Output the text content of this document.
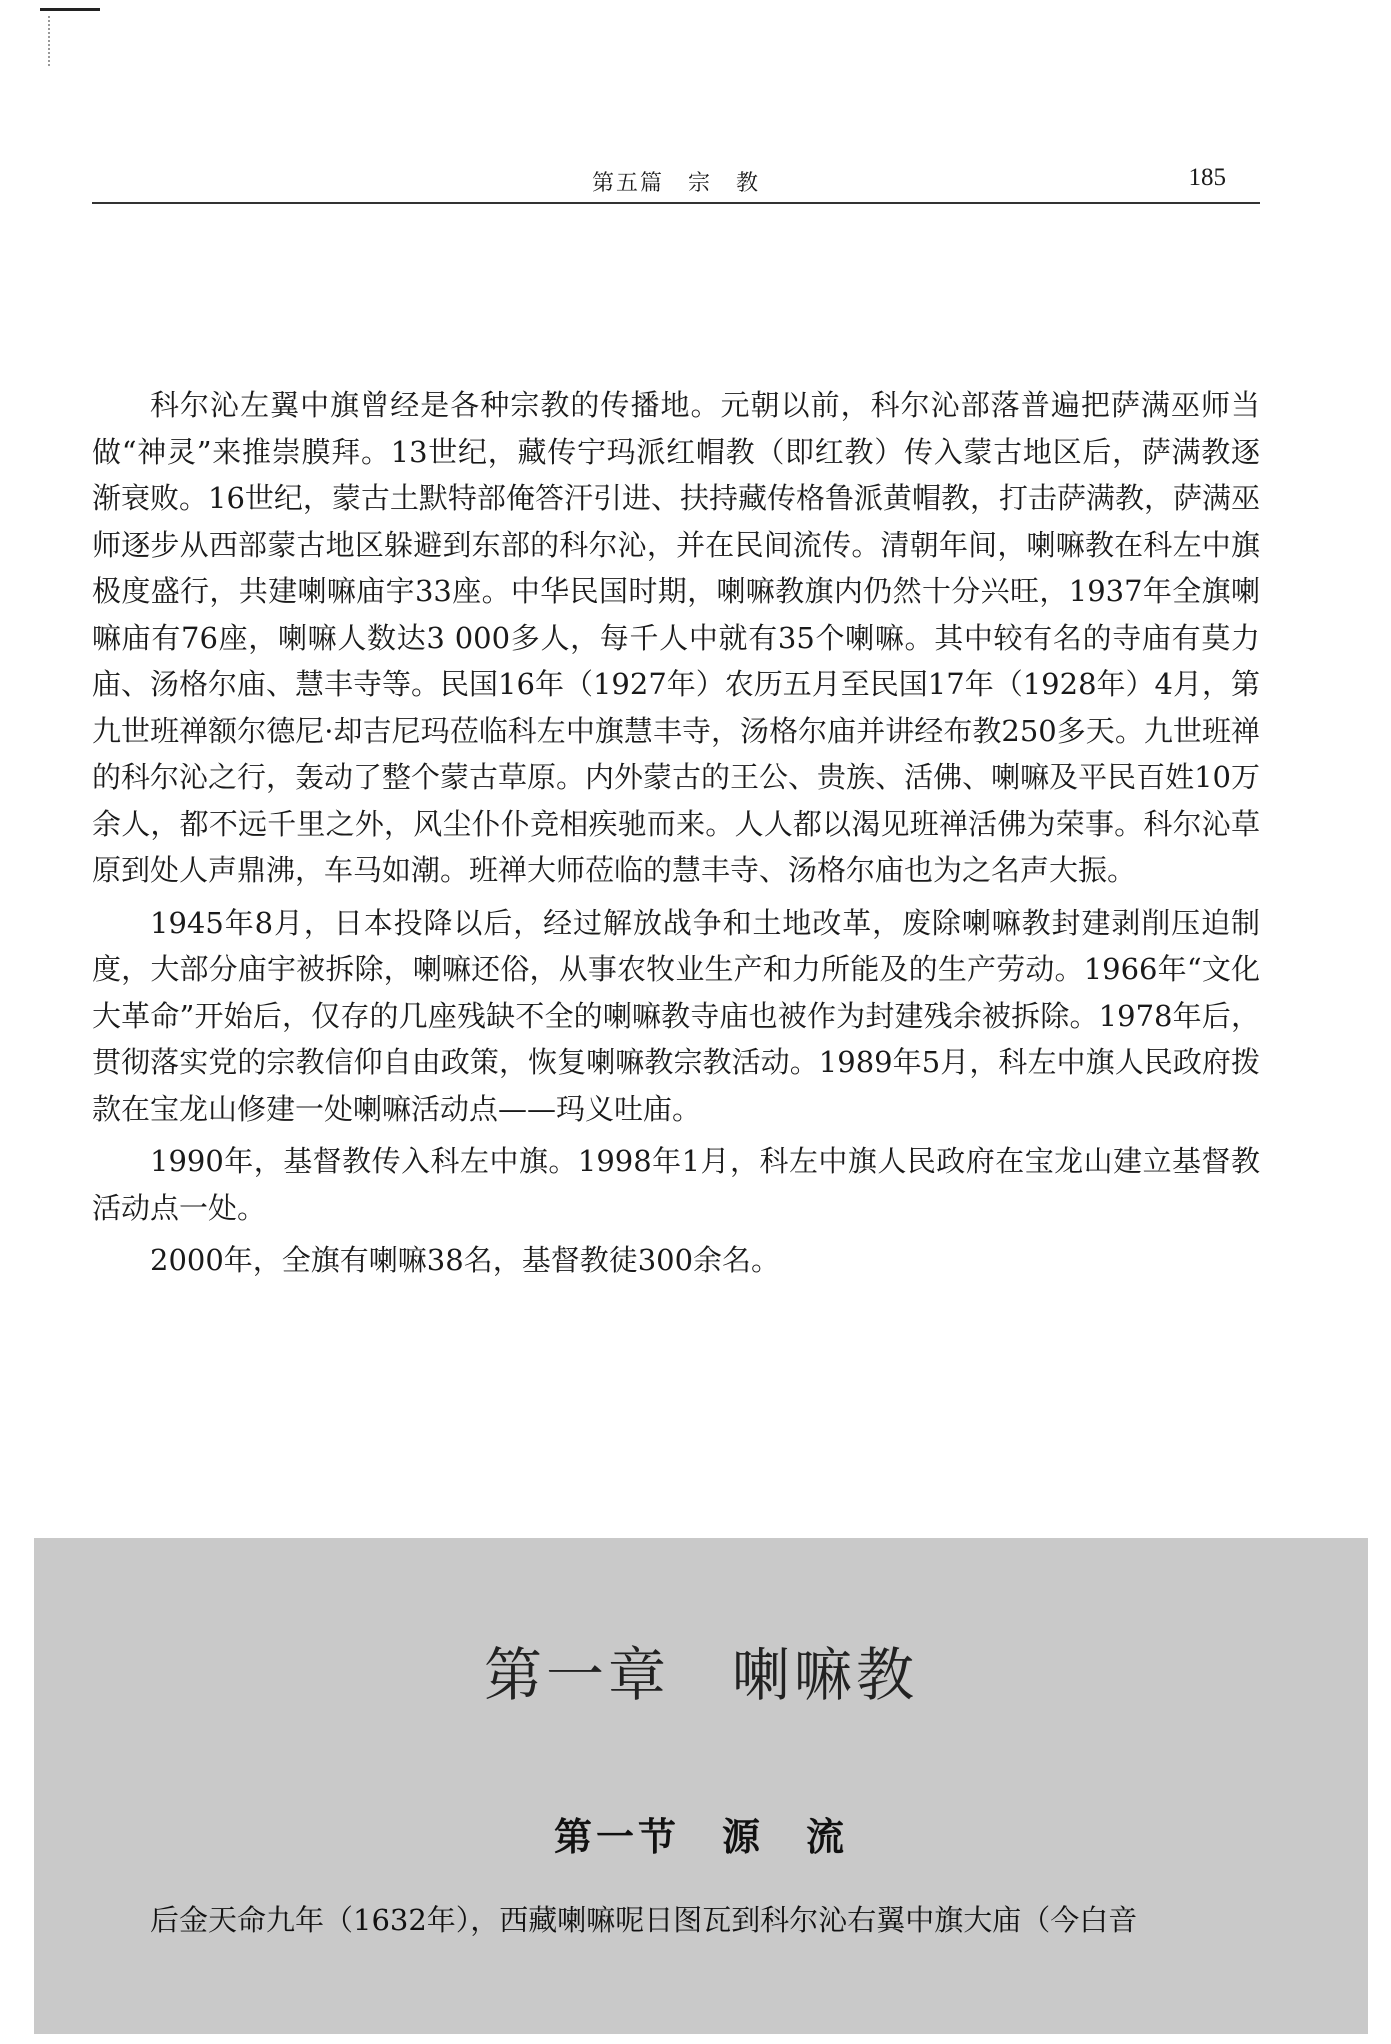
第五篇　宗　教	185

科尔沁左翼中旗曾经是各种宗教的传播地。元朝以前，科尔沁部落普遍把萨满巫师当做“神灵”来推崇膜拜。13世纪，藏传宁玛派红帽教（即红教）传入蒙古地区后，萨满教逐渐衰败。16世纪，蒙古土默特部俺答汗引进、扶持藏传格鲁派黄帽教，打击萨满教，萨满巫师逐步从西部蒙古地区躲避到东部的科尔沁，并在民间流传。清朝年间，喇嘛教在科左中旗极度盛行，共建喇嘛庙宇33座。中华民国时期，喇嘛教旗内仍然十分兴旺，1937年全旗喇嘛庙有76座，喇嘛人数达3 000多人，每千人中就有35个喇嘛。其中较有名的寺庙有莫力庙、汤格尔庙、慧丰寺等。民国16年（1927年）农历五月至民国17年（1928年）4月，第九世班禅额尔德尼·却吉尼玛莅临科左中旗慧丰寺，汤格尔庙并讲经布教250多天。九世班禅的科尔沁之行，轰动了整个蒙古草原。内外蒙古的王公、贵族、活佛、喇嘛及平民百姓10万余人，都不远千里之外，风尘仆仆竞相疾驰而来。人人都以渴见班禅活佛为荣事。科尔沁草原到处人声鼎沸，车马如潮。班禅大师莅临的慧丰寺、汤格尔庙也为之名声大振。

1945年8月，日本投降以后，经过解放战争和土地改革，废除喇嘛教封建剥削压迫制度，大部分庙宇被拆除，喇嘛还俗，从事农牧业生产和力所能及的生产劳动。1966年“文化大革命”开始后，仅存的几座残缺不全的喇嘛教寺庙也被作为封建残余被拆除。1978年后，贯彻落实党的宗教信仰自由政策，恢复喇嘛教宗教活动。1989年5月，科左中旗人民政府拨款在宝龙山修建一处喇嘛活动点——玛义吐庙。

1990年，基督教传入科左中旗。1998年1月，科左中旗人民政府在宝龙山建立基督教活动点一处。

2000年，全旗有喇嘛38名，基督教徒300余名。

第一章　喇嘛教
第一节　源　流

后金天命九年（1632年），西藏喇嘛呢日图瓦到科尔沁右翼中旗大庙（今白音
